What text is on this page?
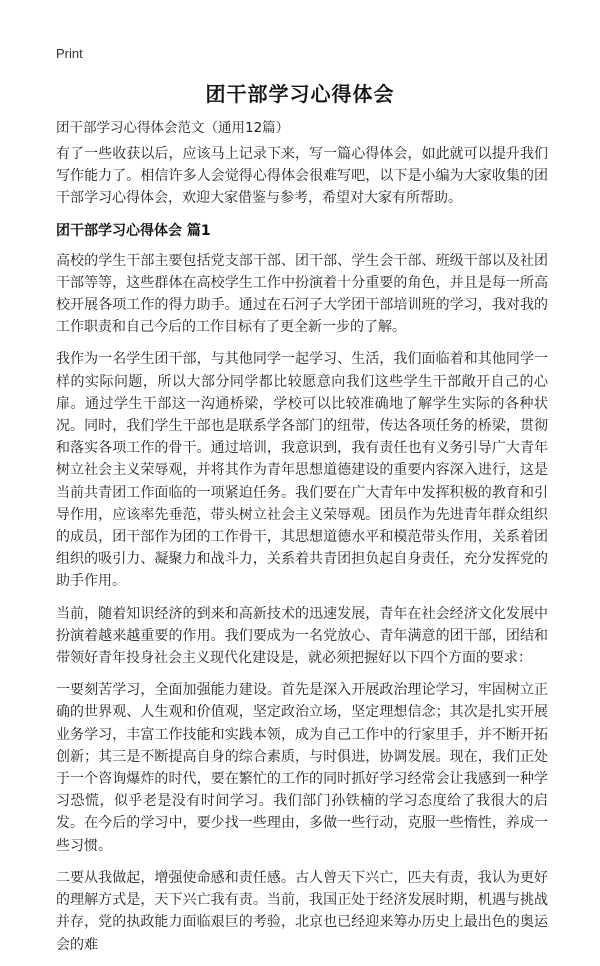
Print
团干部学习心得体会

团干部学习心得体会范文（通用12篇）

有了一些收获以后，应该马上记录下来，写一篇心得体会，如此就可以提升我们写作能力了。相信许多人会觉得心得体会很难写吧，以下是小编为大家收集的团干部学习心得体会，欢迎大家借鉴与参考，希望对大家有所帮助。

团干部学习心得体会 篇1

高校的学生干部主要包括党支部干部、团干部、学生会干部、班级干部以及社团干部等等，这些群体在高校学生工作中扮演着十分重要的角色，并且是每一所高校开展各项工作的得力助手。通过在石河子大学团干部培训班的学习，我对我的工作职责和自己今后的工作目标有了更全新一步的了解。

我作为一名学生团干部，与其他同学一起学习、生活，我们面临着和其他同学一样的实际问题，所以大部分同学都比较愿意向我们这些学生干部敞开自己的心扉。通过学生干部这一沟通桥梁，学校可以比较准确地了解学生实际的各种状况。同时，我们学生干部也是联系学各部门的纽带，传达各项任务的桥梁，贯彻和落实各项工作的骨干。通过培训，我意识到，我有责任也有义务引导广大青年树立社会主义荣辱观，并将其作为青年思想道德建设的重要内容深入进行，这是当前共青团工作面临的一项紧迫任务。我们要在广大青年中发挥积极的教育和引导作用，应该率先垂范，带头树立社会主义荣辱观。团员作为先进青年群众组织的成员，团干部作为团的工作骨干，其思想道德水平和模范带头作用，关系着团组织的吸引力、凝聚力和战斗力，关系着共青团担负起自身责任，充分发挥党的助手作用。

当前，随着知识经济的到来和高新技术的迅速发展，青年在社会经济文化发展中扮演着越来越重要的作用。我们要成为一名党放心、青年满意的团干部，团结和带领好青年投身社会主义现代化建设是，就必须把握好以下四个方面的要求：

一要刻苦学习，全面加强能力建设。首先是深入开展政治理论学习，牢固树立正确的世界观、人生观和价值观，坚定政治立场，坚定理想信念；其次是扎实开展业务学习，丰富工作技能和实践本领，成为自己工作中的行家里手，并不断开拓创新；其三是不断提高自身的综合素质，与时俱进，协调发展。现在，我们正处于一个咨询爆炸的时代，要在繁忙的工作的同时抓好学习经常会让我感到一种学习恐慌，似乎老是没有时间学习。我们部门孙铁楠的学习态度给了我很大的启发。在今后的学习中，要少找一些理由，多做一些行动，克服一些惰性，养成一些习惯。

二要从我做起，增强使命感和责任感。古人曾天下兴亡，匹夫有责，我认为更好的理解方式是，天下兴亡我有责。当前，我国正处于经济发展时期，机遇与挑战并存，党的执政能力面临艰巨的考验，北京也已经迎来筹办历史上最出色的奥运会的难
